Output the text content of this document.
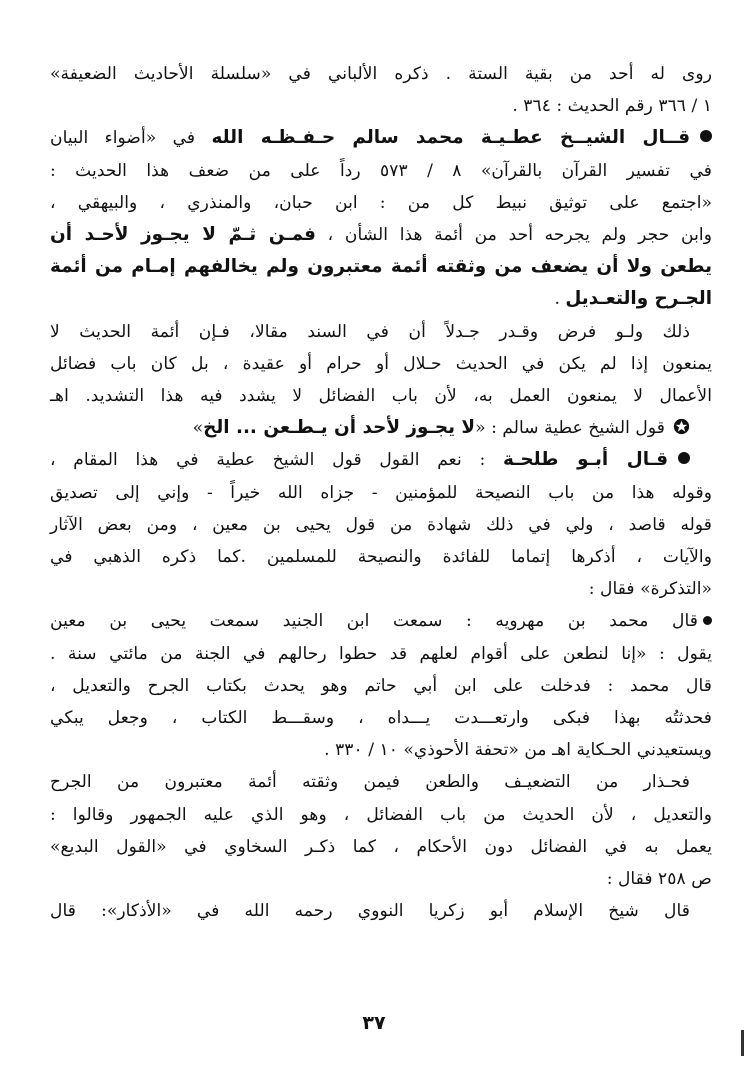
روى له أحد من بقية الستة . ذكره الألباني في «سلسلة الأحاديث الضعيفة»
١ / ٣٦٦ رقم الحديث : ٣٦٤ .
قــال الشيــخ عطـيـة محمد سالم حـفـظـه الله في «أضواء البيان
في تفسير القرآن بالقرآن» ٨ / ٥٧٣ رداً على من ضعف هذا الحديث :
«اجتمع على توثيق نبيط كل من : ابن حبان، والمنذري ، والبيهقي ،
وابن حجر ولم يجرحه أحد من أئمة هذا الشأن ، فمـن ثـمّ لا يجـوز لأحـد أن
يطعن ولا أن يضعف من وثقته أئمة معتبرون ولم يخالفهم إمـام من أئمة
الجـرح والتعـديل .
ذلك ولـو فرض وقـدر جـدلاً أن في السند مقالا، فـإن أئمة الحديث لا
يمنعون إذا لم يكن في الحديث حـلال أو حرام أو عقيدة ، بل كان باب فضائل
الأعمال لا يمنعون العمل به، لأن باب الفضائل لا يشدد فيه هذا التشديد. اهـ
قول الشيخ عطية سالم : «لا يجـوز لأحد أن يـطـعن ... الخ»
قـال أبـو طلحـة : نعم القول قول الشيخ عطية في هذا المقام ،
وقوله هذا من باب النصيحة للمؤمنين - جزاه الله خيراً - وإني إلى تصديق
قوله قاصد ، ولي في ذلك شهادة من قول يحيى بن معين ، ومن بعض الآثار
والآيات ، أذكرها إتماما للفائدة والنصيحة للمسلمين .كما ذكره الذهبي في
«التذكرة» فقال :
قال محمد بن مهرويه : سمعت ابن الجنيد سمعت يحيى بن معين
يقول : «إنا لنطعن على أقوام لعلهم قد حطوا رحالهم في الجنة من مائتي سنة .
قال محمد : فدخلت على ابن أبي حاتم وهو يحدث بكتاب الجرح والتعديل ،
فحدثتُه بهذا فبكى وارتعـــدت يـــداه ، وسقـــط الكتاب ، وجعل يبكي
ويستعيدني الحـكاية اهـ من «تحفة الأحوذي» ١٠ / ٣٣٠ .
فحـذار من التضعيـف والطعن فيمن وثقته أئمة معتبرون من الجرح
والتعديل ، لأن الحديث من باب الفضائل ، وهو الذي عليه الجمهور وقالوا :
يعمل به في الفضائل دون الأحكام ، كما ذكـر السخاوي في «القول البديع»
ص ٢٥٨ فقال :
قال شيخ الإسلام أبو زكريا النووي رحمه الله في «الأذكار»: قال
٣٧
